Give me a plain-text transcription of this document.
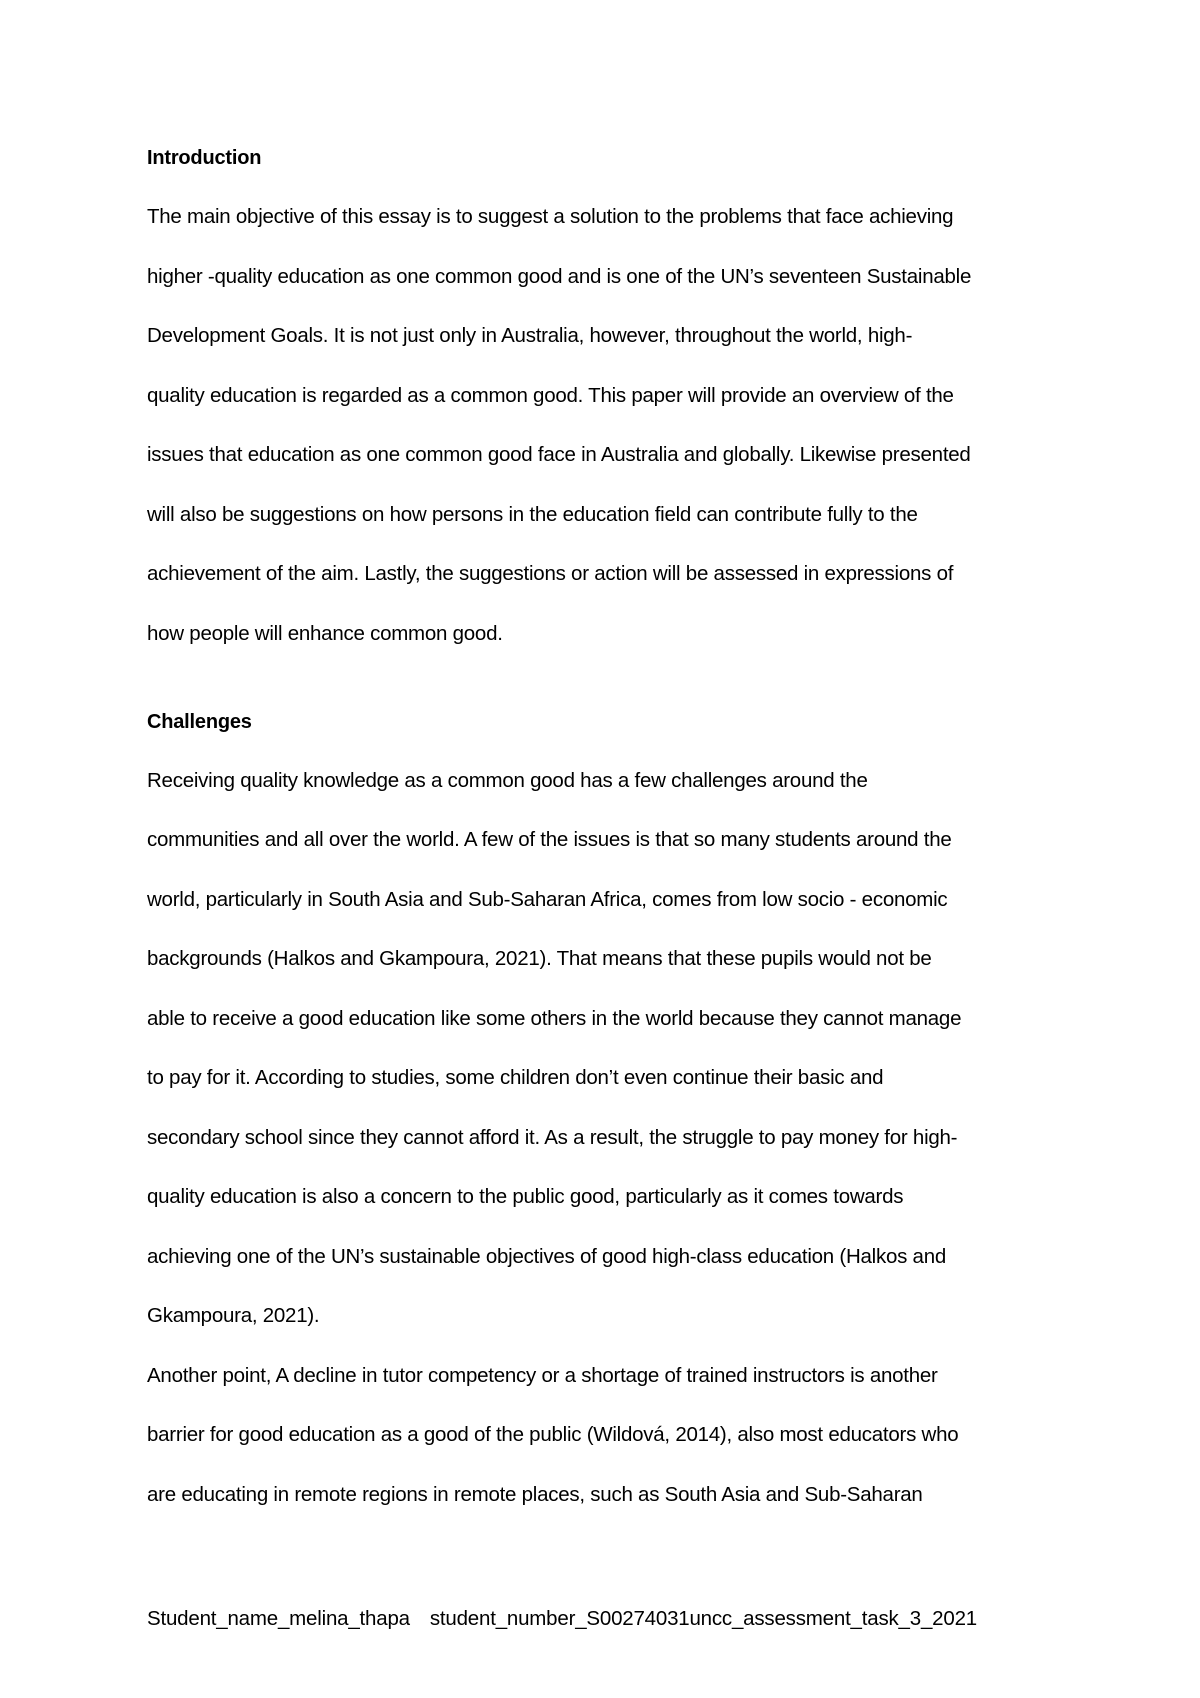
Introduction
The main objective of this essay is to suggest a solution to the problems that face achieving
higher -quality education as one common good and is one of the UN’s seventeen Sustainable
Development Goals. It is not just only in Australia, however, throughout the world, high-
quality education is regarded as a common good. This paper will provide an overview of the
issues that education as one common good face in Australia and globally. Likewise presented
will also be suggestions on how persons in the education field can contribute fully to the
achievement of the aim. Lastly, the suggestions or action will be assessed in expressions of
how people will enhance common good.
Challenges
Receiving quality knowledge as a common good has a few challenges around the
communities and all over the world. A few of the issues is that so many students around the
world, particularly in South Asia and Sub-Saharan Africa, comes from low socio - economic
backgrounds (Halkos and Gkampoura, 2021). That means that these pupils would not be
able to receive a good education like some others in the world because they cannot manage
to pay for it. According to studies, some children don’t even continue their basic and
secondary school since they cannot afford it. As a result, the struggle to pay money for high-
quality education is also a concern to the public good, particularly as it comes towards
achieving one of the UN’s sustainable objectives of good high-class education (Halkos and
Gkampoura, 2021).
Another point, A decline in tutor competency or a shortage of trained instructors is another
barrier for good education as a good of the public (Wildová, 2014), also most educators who
are educating in remote regions in remote places, such as South Asia and Sub-Saharan
Student_name_melina_thapa student_number_S00274031uncc_assessment_task_3_2021
